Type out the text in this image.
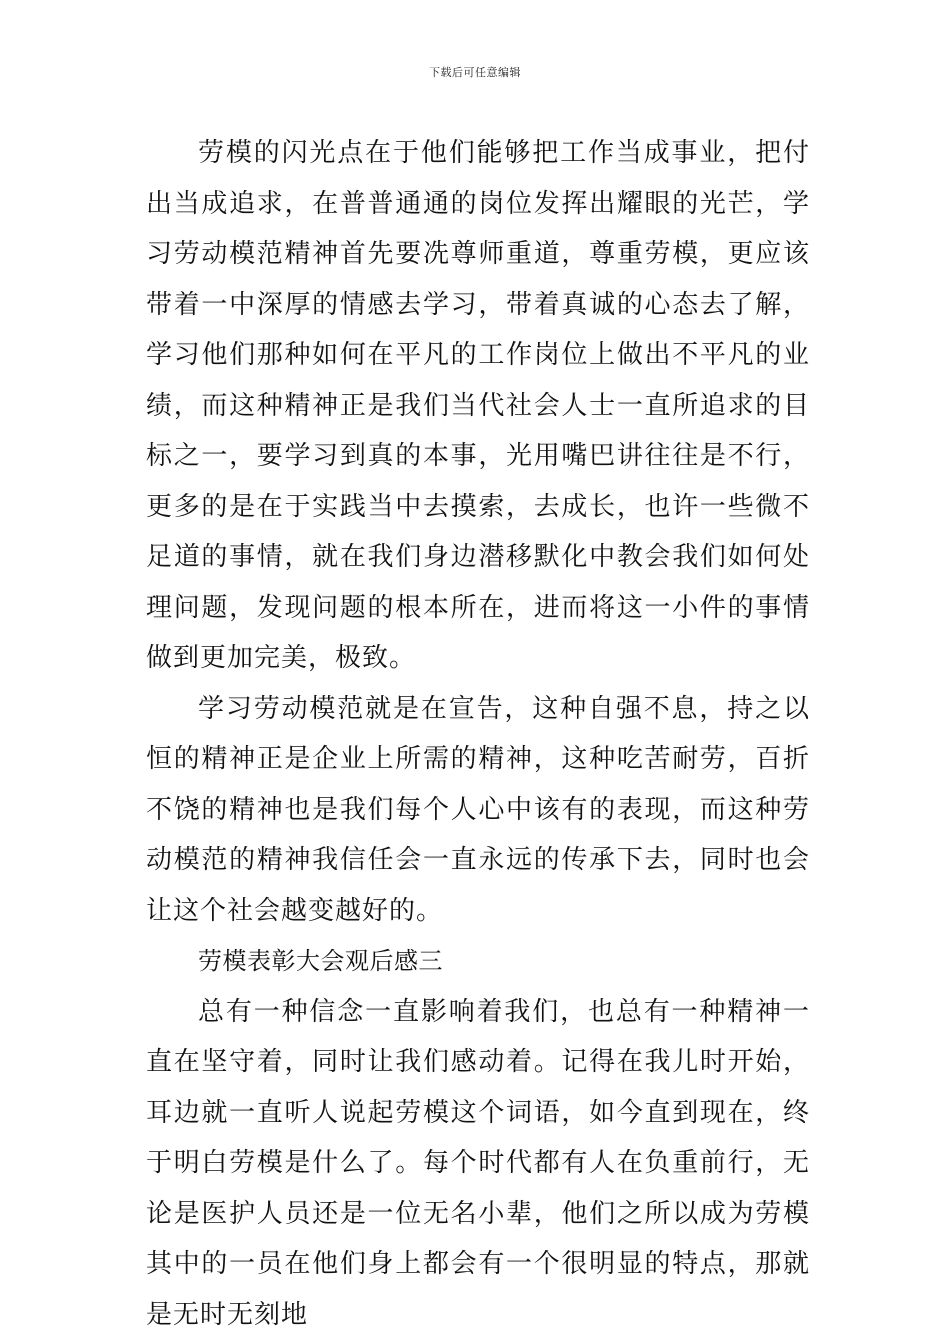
下载后可任意编辑

劳模的闪光点在于他们能够把工作当成事业，把付出当成追求，在普普通通的岗位发挥出耀眼的光芒，学习劳动模范精神首先要冼尊师重道，尊重劳模，更应该带着一中深厚的情感去学习，带着真诚的心态去了解，学习他们那种如何在平凡的工作岗位上做出不平凡的业绩，而这种精神正是我们当代社会人士一直所追求的目标之一，要学习到真的本事，光用嘴巴讲往往是不行，更多的是在于实践当中去摸索，去成长，也许一些微不足道的事情，就在我们身边潜移默化中教会我们如何处理问题，发现问题的根本所在，进而将这一小件的事情做到更加完美，极致。

学习劳动模范就是在宣告，这种自强不息，持之以恒的精神正是企业上所需的精神，这种吃苦耐劳，百折不饶的精神也是我们每个人心中该有的表现，而这种劳动模范的精神我信任会一直永远的传承下去，同时也会让这个社会越变越好的。

劳模表彰大会观后感三

总有一种信念一直影响着我们，也总有一种精神一直在坚守着，同时让我们感动着。记得在我儿时开始，耳边就一直听人说起劳模这个词语，如今直到现在，终于明白劳模是什么了。每个时代都有人在负重前行，无论是医护人员还是一位无名小辈，他们之所以成为劳模其中的一员在他们身上都会有一个很明显的特点，那就是无时无刻地
